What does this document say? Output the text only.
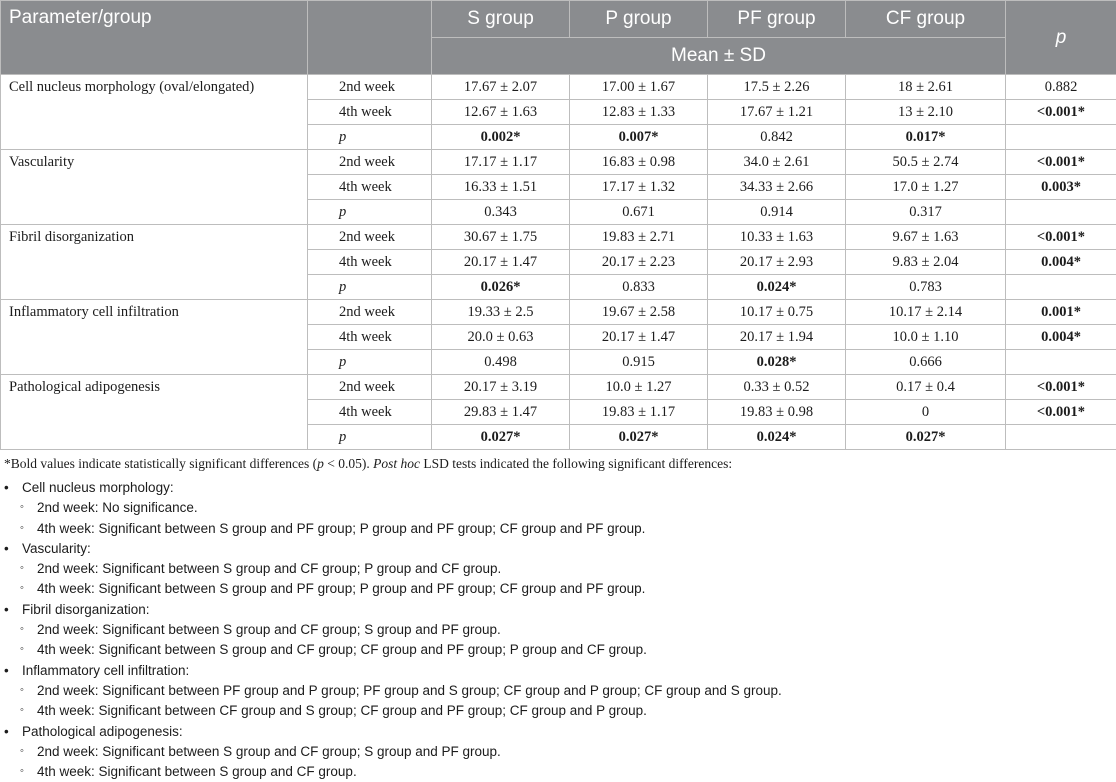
Parameter/group		S group	P group	PF group	CF group	p
		Mean ± SD				
Cell nucleus morphology (oval/elongated)	2nd week	17.67 ± 2.07	17.00 ± 1.67	17.5 ± 2.26	18 ± 2.61	0.882
	4th week	12.67 ± 1.63	12.83 ± 1.33	17.67 ± 1.21	13 ± 2.10	<0.001*
	p	0.002*	0.007*	0.842	0.017*	
Vascularity	2nd week	17.17 ± 1.17	16.83 ± 0.98	34.0 ± 2.61	50.5 ± 2.74	<0.001*
	4th week	16.33 ± 1.51	17.17 ± 1.32	34.33 ± 2.66	17.0 ± 1.27	0.003*
	p	0.343	0.671	0.914	0.317	
Fibril disorganization	2nd week	30.67 ± 1.75	19.83 ± 2.71	10.33 ± 1.63	9.67 ± 1.63	<0.001*
	4th week	20.17 ± 1.47	20.17 ± 2.23	20.17 ± 2.93	9.83 ± 2.04	0.004*
	p	0.026*	0.833	0.024*	0.783	
Inflammatory cell infiltration	2nd week	19.33 ± 2.5	19.67 ± 2.58	10.17 ± 0.75	10.17 ± 2.14	0.001*
	4th week	20.0 ± 0.63	20.17 ± 1.47	20.17 ± 1.94	10.0 ± 1.10	0.004*
	p	0.498	0.915	0.028*	0.666	
Pathological adipogenesis	2nd week	20.17 ± 3.19	10.0 ± 1.27	0.33 ± 0.52	0.17 ± 0.4	<0.001*
	4th week	29.83 ± 1.47	19.83 ± 1.17	19.83 ± 0.98	0	<0.001*
	p	0.027*	0.027*	0.024*	0.027*	
*Bold values indicate statistically significant differences (p < 0.05). Post hoc LSD tests indicated the following significant differences:
• Cell nucleus morphology:
◦ 2nd week: No significance.
◦ 4th week: Significant between S group and PF group; P group and PF group; CF group and PF group.
• Vascularity:
◦ 2nd week: Significant between S group and CF group; P group and CF group.
◦ 4th week: Significant between S group and PF group; P group and PF group; CF group and PF group.
• Fibril disorganization:
◦ 2nd week: Significant between S group and CF group; S group and PF group.
◦ 4th week: Significant between S group and CF group; CF group and PF group; P group and CF group.
• Inflammatory cell infiltration:
◦ 2nd week: Significant between PF group and P group; PF group and S group; CF group and P group; CF group and S group.
◦ 4th week: Significant between CF group and S group; CF group and PF group; CF group and P group.
• Pathological adipogenesis:
◦ 2nd week: Significant between S group and CF group; S group and PF group.
◦ 4th week: Significant between S group and CF group.
